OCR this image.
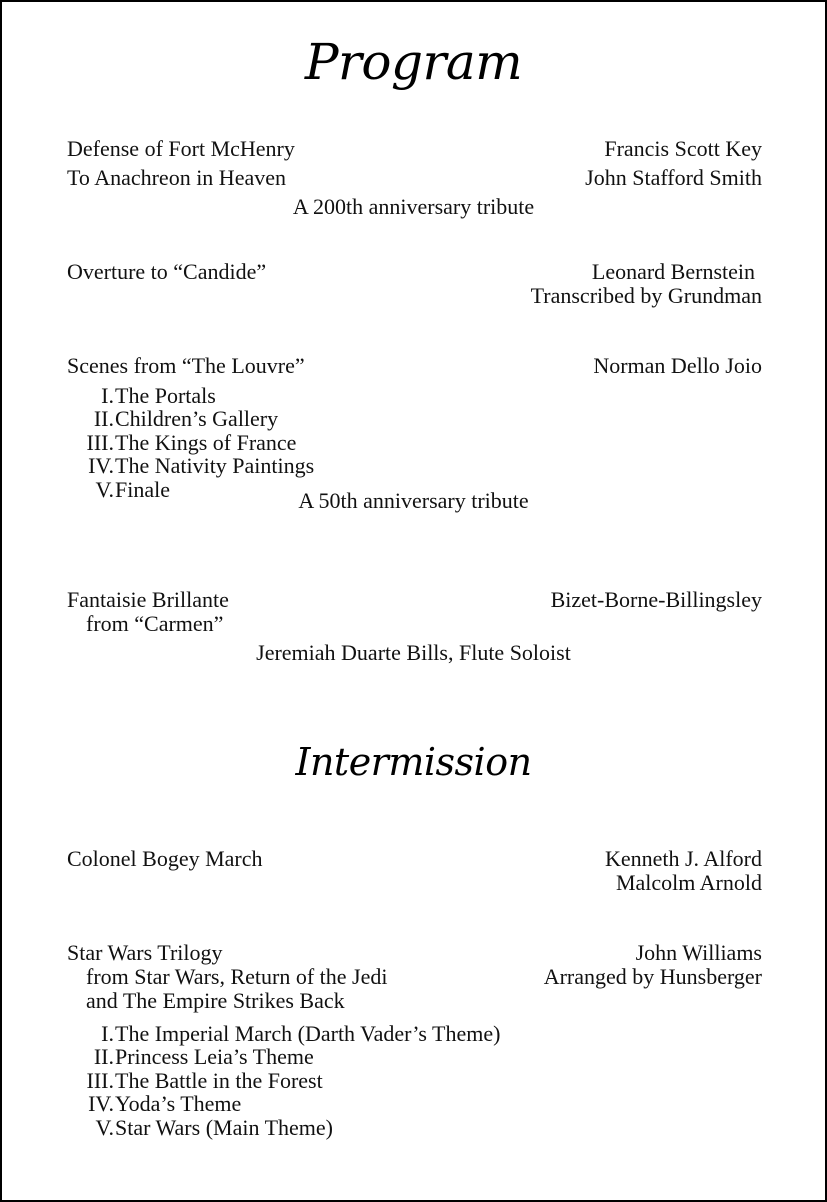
Program
Defense of Fort McHenry	Francis Scott Key
To Anachreon in Heaven	John Stafford Smith
A 200th anniversary tribute
Overture to “Candide”	Leonard Bernstein
Transcribed by Grundman
Scenes from “The Louvre”	Norman Dello Joio
I.The Portals
II.Children’s Gallery
III.The Kings of France
IV.The Nativity Paintings
V.Finale	A 50th anniversary tribute
Fantaisie Brillante	Bizet-Borne-Billingsley
from “Carmen”
Jeremiah Duarte Bills, Flute Soloist
Intermission
Colonel Bogey March	Kenneth J. Alford
Malcolm Arnold
Star Wars Trilogy	John Williams
from Star Wars, Return of the Jedi	Arranged by Hunsberger
and The Empire Strikes Back
I.The Imperial March (Darth Vader’s Theme)
II.Princess Leia’s Theme
III.The Battle in the Forest
IV.Yoda’s Theme
V.Star Wars (Main Theme)
